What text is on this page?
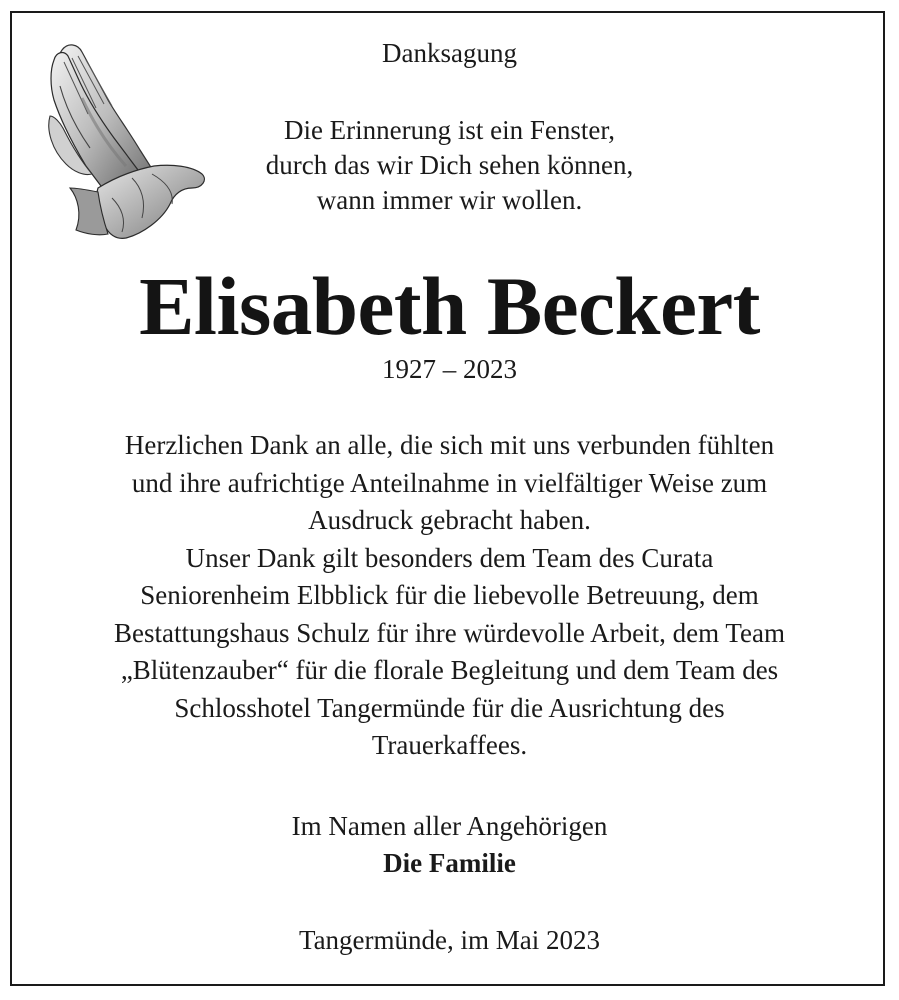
Danksagung
Die Erinnerung ist ein Fenster,
durch das wir Dich sehen können,
wann immer wir wollen.
Elisabeth Beckert
1927 – 2023
Herzlichen Dank an alle, die sich mit uns verbunden fühlten
und ihre aufrichtige Anteilnahme in vielfältiger Weise zum
Ausdruck gebracht haben.
Unser Dank gilt besonders dem Team des Curata
Seniorenheim Elbblick für die liebevolle Betreuung, dem
Bestattungshaus Schulz für ihre würdevolle Arbeit, dem Team
„Blütenzauber“ für die florale Begleitung und dem Team des
Schlosshotel Tangermünde für die Ausrichtung des
Trauerkaffees.
Im Namen aller Angehörigen
Die Familie
Tangermünde, im Mai 2023
